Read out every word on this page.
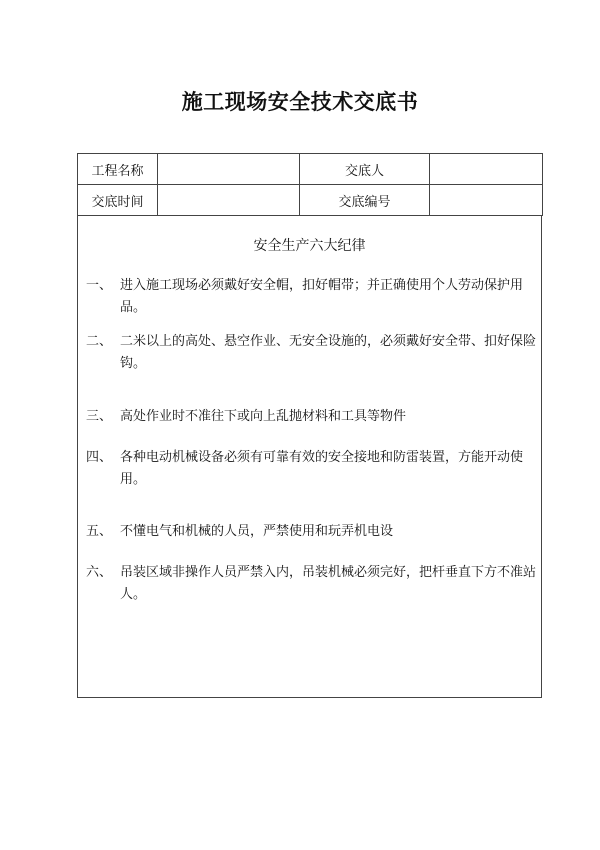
施工现场安全技术交底书
工程名称		交底人	
交底时间		交底编号	
安全生产六大纪律
一、 进入施工现场必须戴好安全帽，扣好帽带；并正确使用个人劳动保护用品。
二、 二米以上的高处、悬空作业、无安全设施的，必须戴好安全带、扣好保险钩。
三、 高处作业时不准往下或向上乱抛材料和工具等物件
四、 各种电动机械设备必须有可靠有效的安全接地和防雷装置，方能开动使用。
五、 不懂电气和机械的人员，严禁使用和玩弄机电设
六、 吊装区域非操作人员严禁入内，吊装机械必须完好，把杆垂直下方不准站人。
